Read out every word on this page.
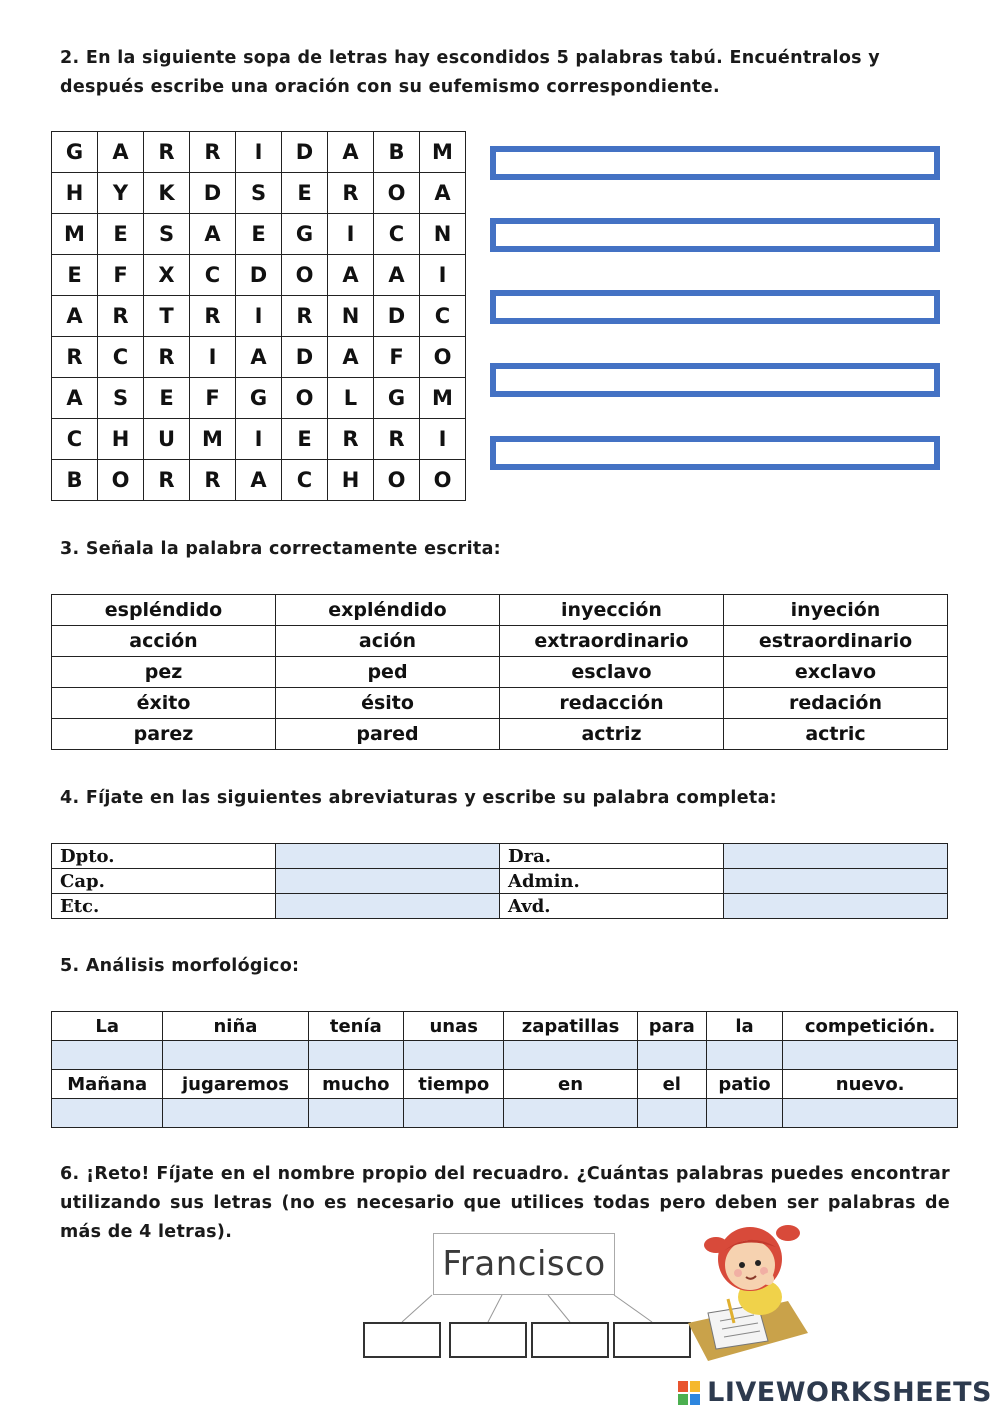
2. En la siguiente sopa de letras hay escondidos 5 palabras tabú. Encuéntralos y después escribe una oración con su eufemismo correspondiente.
G	A	R	R	I	D	A	B	M
H	Y	K	D	S	E	R	O	A
M	E	S	A	E	G	I	C	N
E	F	X	C	D	O	A	A	I
A	R	T	R	I	R	N	D	C
R	C	R	I	A	D	A	F	O
A	S	E	F	G	O	L	G	M
C	H	U	M	I	E	R	R	I
B	O	R	R	A	C	H	O	O
3. Señala la palabra correctamente escrita:
espléndido	expléndido	inyección	inyeción
acción	ación	extraordinario	estraordinario
pez	ped	esclavo	exclavo
éxito	ésito	redacción	redación
parez	pared	actriz	actric
4. Fíjate en las siguientes abreviaturas y escribe su palabra completa:
Dpto.		Dra.	
Cap.		Admin.	
Etc.		Avd.	
5. Análisis morfológico:
La	niña	tenía	unas	zapatillas	para	la	competición.

Mañana	jugaremos	mucho	tiempo	en	el	patio	nuevo.

6. ¡Reto! Fíjate en el nombre propio del recuadro. ¿Cuántas palabras puedes encontrar utilizando sus letras (no es necesario que utilices todas pero deben ser palabras de más de 4 letras).
Francisco
LIVEWORKSHEETS
